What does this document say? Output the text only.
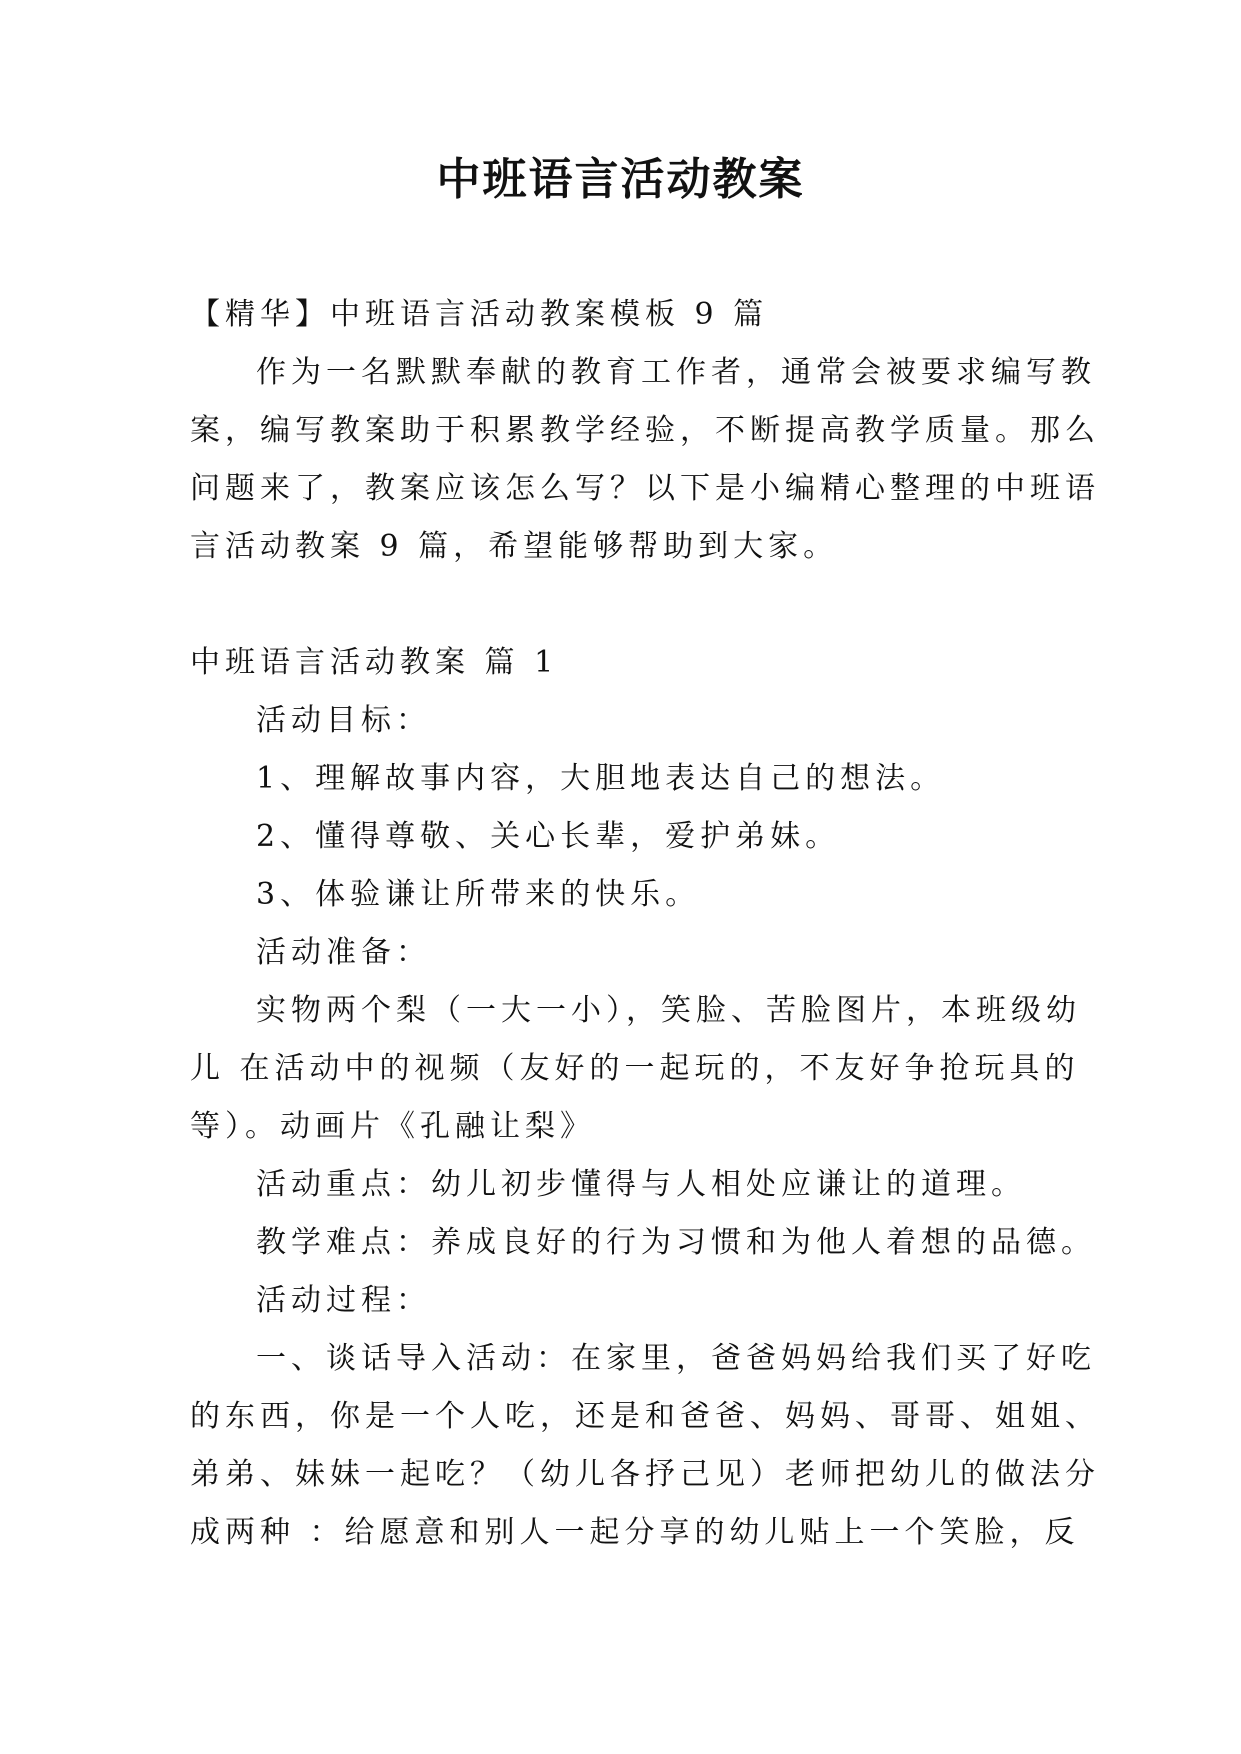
中班语言活动教案
【精华】中班语言活动教案模板 9 篇
作为一名默默奉献的教育工作者，通常会被要求编写教
案，编写教案助于积累教学经验，不断提高教学质量。那么
问题来了，教案应该怎么写？以下是小编精心整理的中班语
言活动教案 9 篇，希望能够帮助到大家。
中班语言活动教案 篇 1
活动目标：
1、理解故事内容，大胆地表达自己的想法。
2、懂得尊敬、关心长辈，爱护弟妹。
3、体验谦让所带来的快乐。
活动准备：
实物两个梨（一大一小），笑脸、苦脸图片，本班级幼
儿 在活动中的视频（友好的一起玩的，不友好争抢玩具的
等）。动画片《孔融让梨》
活动重点：幼儿初步懂得与人相处应谦让的道理。
教学难点：养成良好的行为习惯和为他人着想的品德。
活动过程：
一、谈话导入活动：在家里，爸爸妈妈给我们买了好吃
的东西，你是一个人吃，还是和爸爸、妈妈、哥哥、姐姐、
弟弟、妹妹一起吃？（幼儿各抒己见）老师把幼儿的做法分
成两种 ：给愿意和别人一起分享的幼儿贴上一个笑脸，反
